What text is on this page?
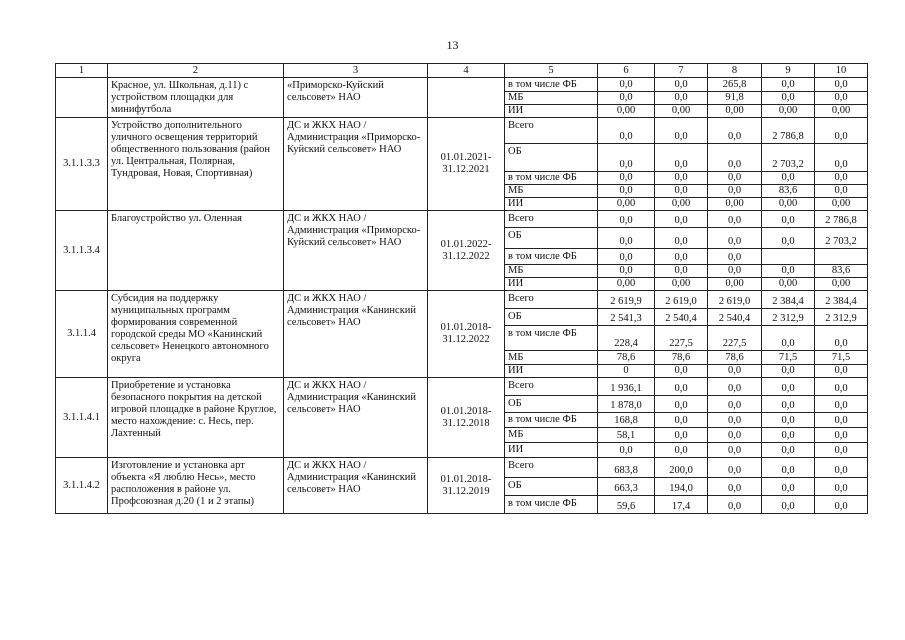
13
1	2	3	4	5	6	7	8	9	10
	Красное, ул. Школьная, д.11) с устройством площадки для минифутбола	«Приморско-Куйский сельсовет» НАО		в том числе ФБ	0,0	0,0	265,8	0,0	0,0
				МБ	0,0	0,0	91,8	0,0	0,0
				ИИ	0,00	0,00	0,00	0,00	0,00
3.1.1.3.3	Устройство дополнительного уличного освещения территорий общественного пользования (район ул. Центральная, Полярная, Тундровая, Новая, Спортивная)	ДС и ЖКХ НАО / Администрация «Приморско-Куйский сельсовет» НАО	01.01.2021-31.12.2021	Всего	0,0	0,0	0,0	2 786,8	0,0
				ОБ	0,0	0,0	0,0	2 703,2	0,0
				в том числе ФБ	0,0	0,0	0,0	0,0	0,0
				МБ	0,0	0,0	0,0	83,6	0,0
				ИИ	0,00	0,00	0,00	0,00	0,00
3.1.1.3.4	Благоустройство ул. Оленная	ДС и ЖКХ НАО / Администрация «Приморско-Куйский сельсовет» НАО	01.01.2022-31.12.2022	Всего	0,0	0,0	0,0	0,0	2 786,8
				ОБ	0,0	0,0	0,0	0,0	2 703,2
				в том числе ФБ	0,0	0,0	0,0		
				МБ	0,0	0,0	0,0	0,0	83,6
				ИИ	0,00	0,00	0,00	0,00	0,00
3.1.1.4	Субсидия на поддержку муниципальных программ формирования современной городской среды МО «Канинский сельсовет» Ненецкого автономного округа	ДС и ЖКХ НАО / Администрация «Канинский сельсовет» НАО	01.01.2018-31.12.2022	Всего	2 619,9	2 619,0	2 619,0	2 384,4	2 384,4
				ОБ	2 541,3	2 540,4	2 540,4	2 312,9	2 312,9
				в том числе ФБ	228,4	227,5	227,5	0,0	0,0
				МБ	78,6	78,6	78,6	71,5	71,5
				ИИ	0	0,0	0,0	0,0	0,0
3.1.1.4.1	Приобретение и установка безопасного покрытия на детской игровой площадке в районе Круглое, место нахождение: с. Несь, пер. Лахтенный	ДС и ЖКХ НАО / Администрация «Канинский сельсовет» НАО	01.01.2018-31.12.2018	Всего	1 936,1	0,0	0,0	0,0	0,0
				ОБ	1 878,0	0,0	0,0	0,0	0,0
				в том числе ФБ	168,8	0,0	0,0	0,0	0,0
				МБ	58,1	0,0	0,0	0,0	0,0
				ИИ	0,0	0,0	0,0	0,0	0,0
3.1.1.4.2	Изготовление и установка арт объекта «Я люблю Несь», место расположения в районе ул. Профсоюзная д.20 (1 и 2 этапы)	ДС и ЖКХ НАО / Администрация «Канинский сельсовет» НАО	01.01.2018-31.12.2019	Всего	683,8	200,0	0,0	0,0	0,0
				ОБ	663,3	194,0	0,0	0,0	0,0
				в том числе ФБ	59,6	17,4	0,0	0,0	0,0
